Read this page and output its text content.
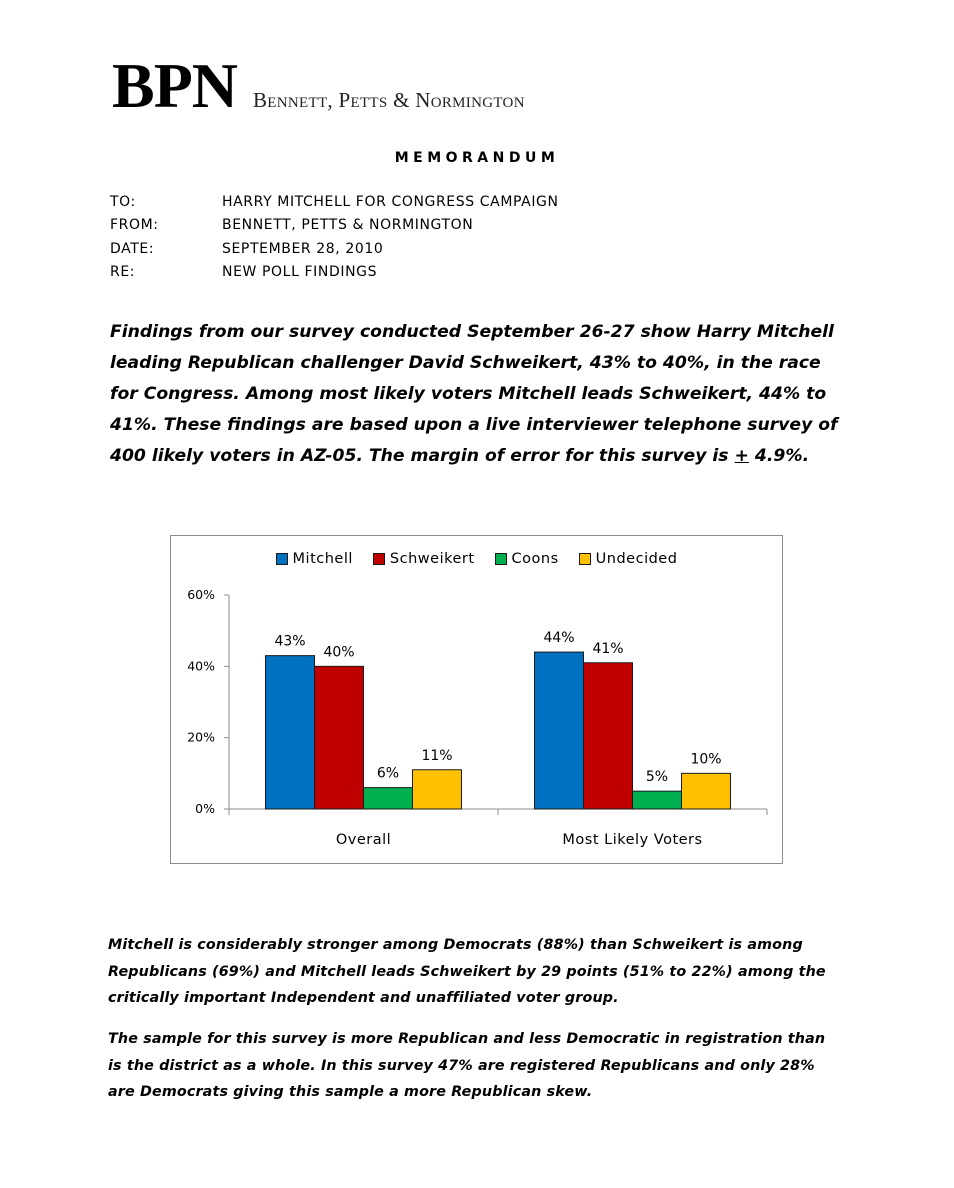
BPN Bennett, Petts & Normington
MEMORANDUM
TO:	HARRY MITCHELL FOR CONGRESS CAMPAIGN
FROM:	BENNETT, PETTS & NORMINGTON
DATE:	SEPTEMBER 28, 2010
RE:	NEW POLL FINDINGS

Findings from our survey conducted September 26-27 show Harry Mitchell leading Republican challenger David Schweikert, 43% to 40%, in the race for Congress. Among most likely voters Mitchell leads Schweikert, 44% to 41%. These findings are based upon a live interviewer telephone survey of 400 likely voters in AZ-05. The margin of error for this survey is + 4.9%.

Mitchell	Schweikert	Coons	Undecided
0%
20%
40%
60%
43%
40%
6%
11%
Overall
44%
41%
5%
10%
Most Likely Voters

Mitchell is considerably stronger among Democrats (88%) than Schweikert is among Republicans (69%) and Mitchell leads Schweikert by 29 points (51% to 22%) among the critically important Independent and unaffiliated voter group.

The sample for this survey is more Republican and less Democratic in registration than is the district as a whole. In this survey 47% are registered Republicans and only 28% are Democrats giving this sample a more Republican skew.
